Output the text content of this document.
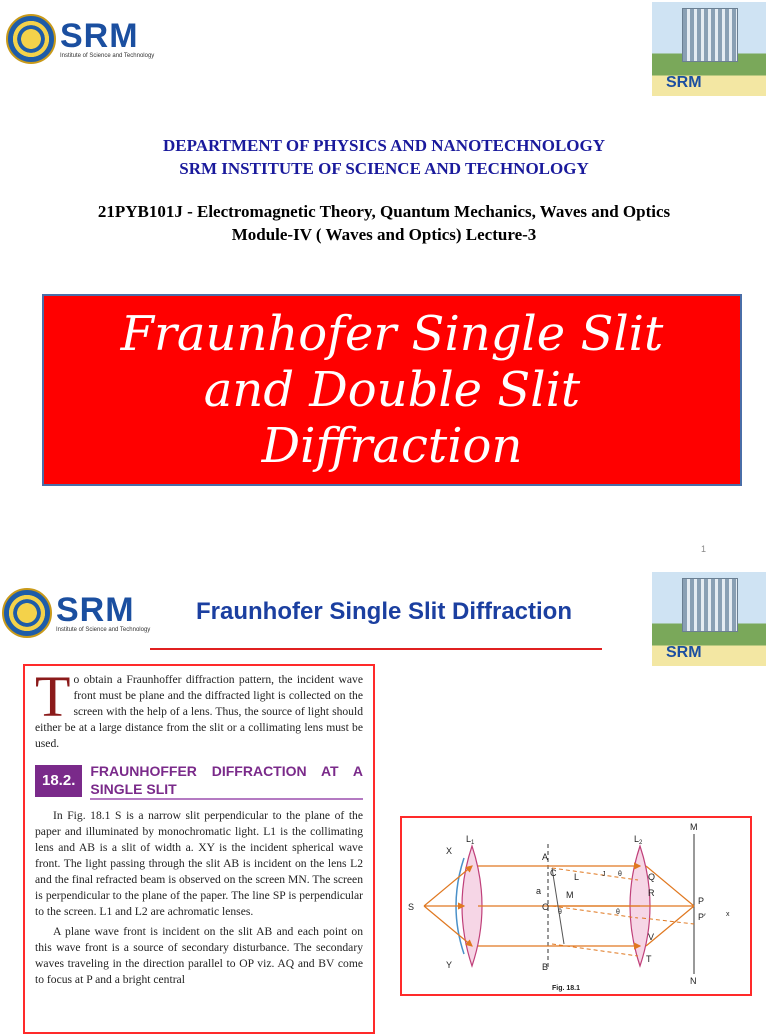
SRM
Institute of Science and Technology
SRM
DEPARTMENT OF PHYSICS AND NANOTECHNOLOGY
SRM INSTITUTE OF SCIENCE AND TECHNOLOGY
21PYB101J - Electromagnetic Theory, Quantum Mechanics, Waves and Optics
Module-IV ( Waves and Optics) Lecture-3
Fraunhofer Single Slit
and Double Slit
Diffraction
1
SRM
Institute of Science and Technology
SRM
Fraunhofer Single Slit Diffraction
T o obtain a Fraunhoffer diffraction pattern, the incident wave front must be plane and the diffracted light is collected on the screen with the help of a lens. Thus, the source of light should either be at a large distance from the slit or a collimating lens must be used.
18.2.
FRAUNHOFFER DIFFRACTION AT A SINGLE SLIT
In Fig. 18.1 S is a narrow slit perpendicular to the plane of the paper and illuminated by monochromatic light. L1 is the collimating lens and AB is a slit of width a. XY is the incident spherical wave front. The light passing through the slit AB is incident on the lens L2 and the final refracted beam is observed on the screen MN. The screen is perpendicular to the plane of the paper. The line SP is perpendicular to the screen. L1 and L2 are achromatic lenses.
A plane wave front is incident on the slit AB and each point on this wave front is a source of secondary disturbance. The secondary waves traveling in the direction parallel to OP viz. AQ and BV come to focus at P and a bright central
S
X
Y
$L_1$	$L_2$
A
B
C
O
M
L
a
θ
θ
θ
J	Q
R
V
T
P
P′	x
M
N
Fig. 18.1
